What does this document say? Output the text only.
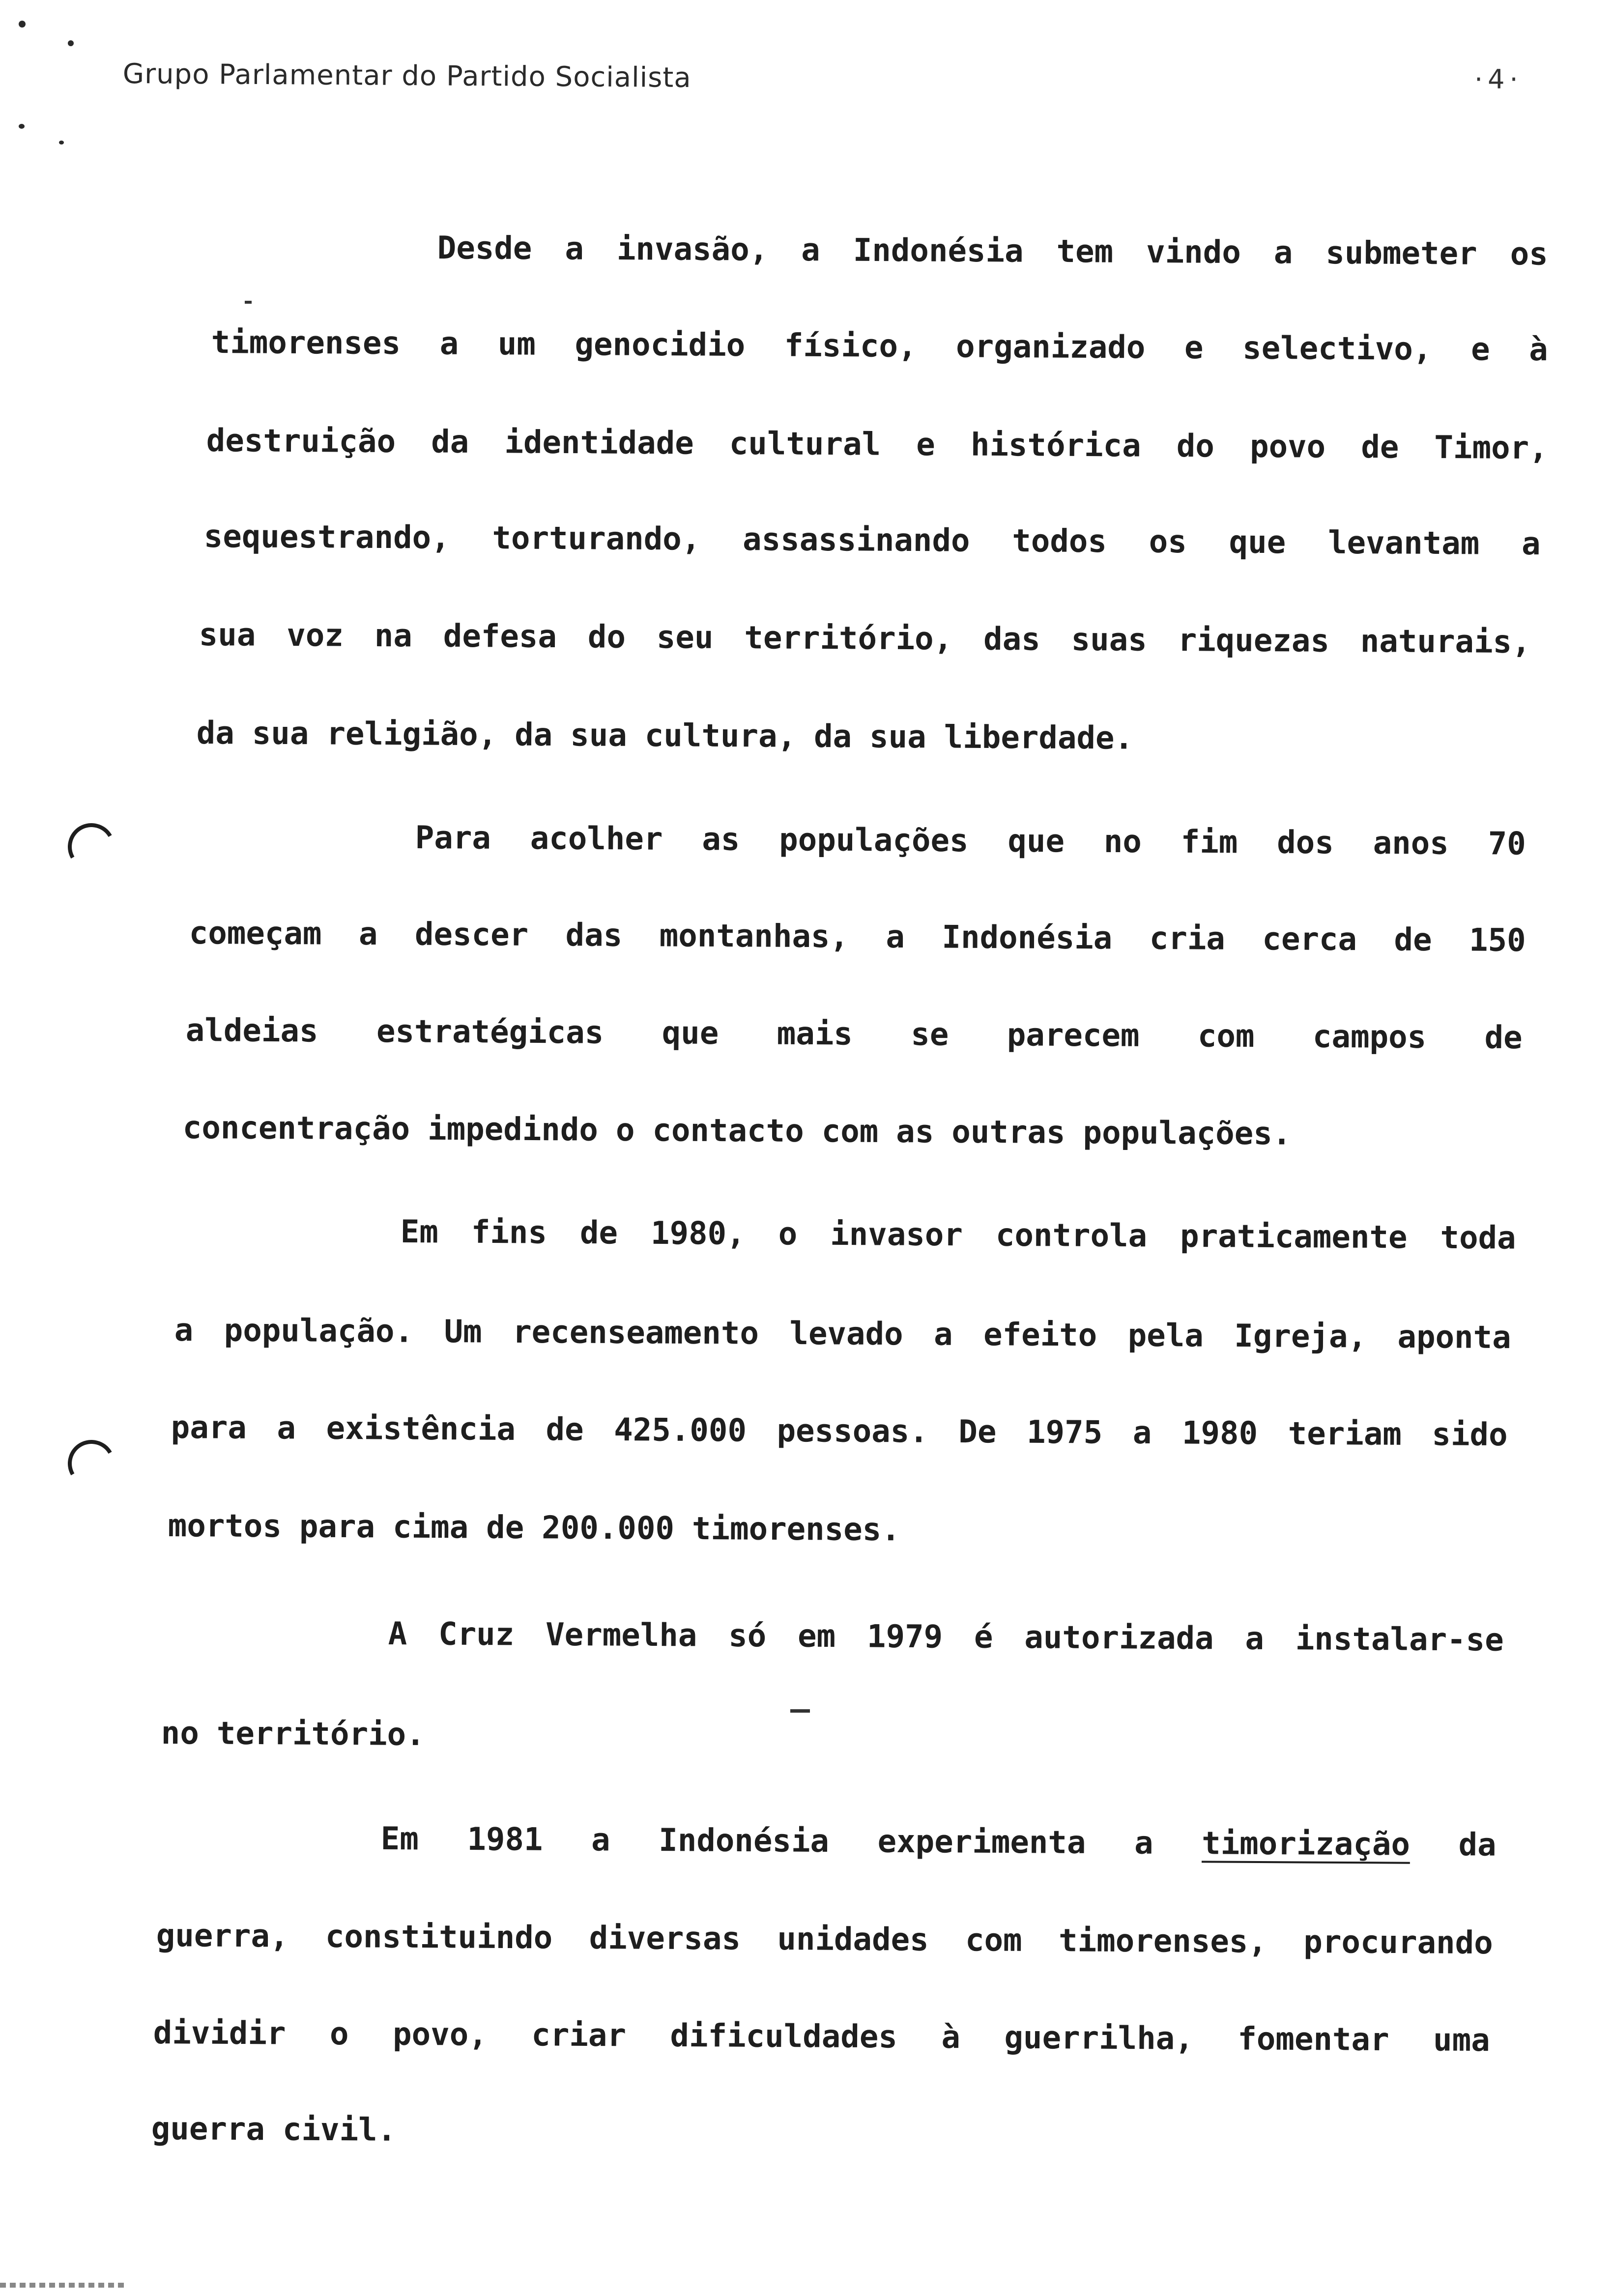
Grupo Parlamentar do Partido Socialista	·4·
Desde a invasão, a Indonésia tem vindo a submeter os
timorenses a um genocidio físico, organizado e selectivo, e à
destruição da identidade cultural e histórica do povo de Timor,
sequestrando, torturando, assassinando todos os que levantam a
sua voz na defesa do seu território, das suas riquezas naturais,
da sua religião, da sua cultura, da sua liberdade.
Para acolher as populações que no fim dos anos 70
começam a descer das montanhas, a Indonésia cria cerca de 150
aldeias estratégicas que mais se parecem com campos de
concentração impedindo o contacto com as outras populações.
Em fins de 1980, o invasor controla praticamente toda
a população. Um recenseamento levado a efeito pela Igreja, aponta
para a existência de 425.000 pessoas. De 1975 a 1980 teriam sido
mortos para cima de 200.000 timorenses.
A Cruz Vermelha só em 1979 é autorizada a instalar-se
no território.
Em 1981 a Indonésia experimenta a timorização da
guerra, constituindo diversas unidades com timorenses, procurando
dividir o povo, criar dificuldades à guerrilha, fomentar uma
guerra civil.
